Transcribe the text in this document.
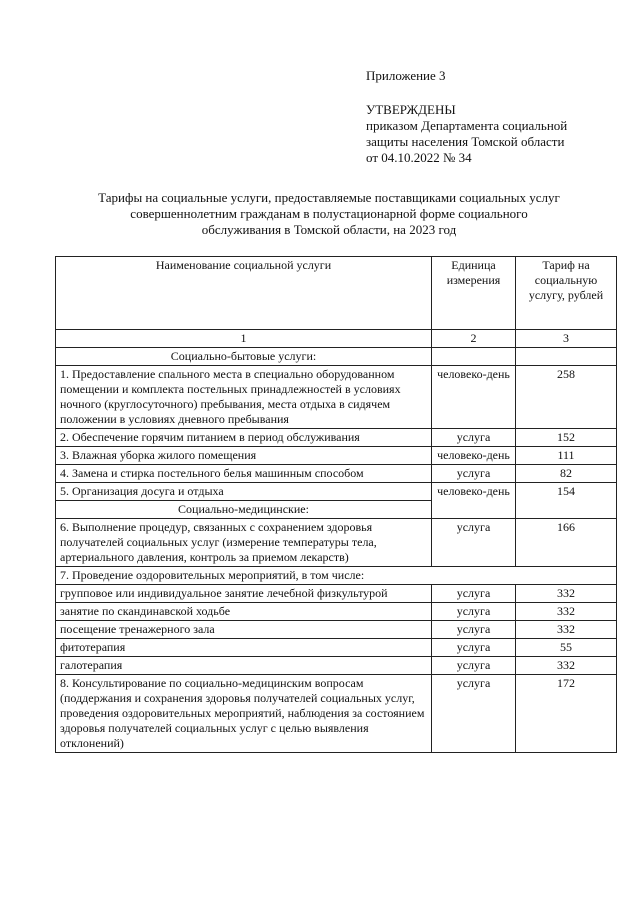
Приложение 3
УТВЕРЖДЕНЫ
приказом Департамента социальной
защиты населения Томской области
от 04.10.2022 № 34
Тарифы на социальные услуги, предоставляемые поставщиками социальных услуг
совершеннолетним гражданам в полустационарной форме социального
обслуживания в Томской области, на 2023 год
Наименование социальной услуги	Единица измерения	Тариф на социальную услугу, рублей
1	2	3
Социально-бытовые услуги:		
1. Предоставление спального места в специально оборудованном помещении и комплекта постельных принадлежностей в условиях ночного (круглосуточного) пребывания, места отдыха в сидячем положении в условиях дневного пребывания	человеко-день	258
2. Обеспечение горячим питанием в период обслуживания	услуга	152
3. Влажная уборка жилого помещения	человеко-день	111
4. Замена и стирка постельного белья машинным способом	услуга	82
5. Организация досуга и отдыха	человеко-день	154
Социально-медицинские:		
6. Выполнение процедур, связанных с сохранением здоровья получателей социальных услуг (измерение температуры тела, артериального давления, контроль за приемом лекарств)	услуга	166
7. Проведение оздоровительных мероприятий, в том числе:		
групповое или индивидуальное занятие лечебной физкультурой	услуга	332
занятие по скандинавской ходьбе	услуга	332
посещение тренажерного зала	услуга	332
фитотерапия	услуга	55
галотерапия	услуга	332
8. Консультирование по социально-медицинским вопросам (поддержания и сохранения здоровья получателей социальных услуг, проведения оздоровительных мероприятий, наблюдения за состоянием здоровья получателей социальных услуг с целью выявления отклонений)	услуга	172
